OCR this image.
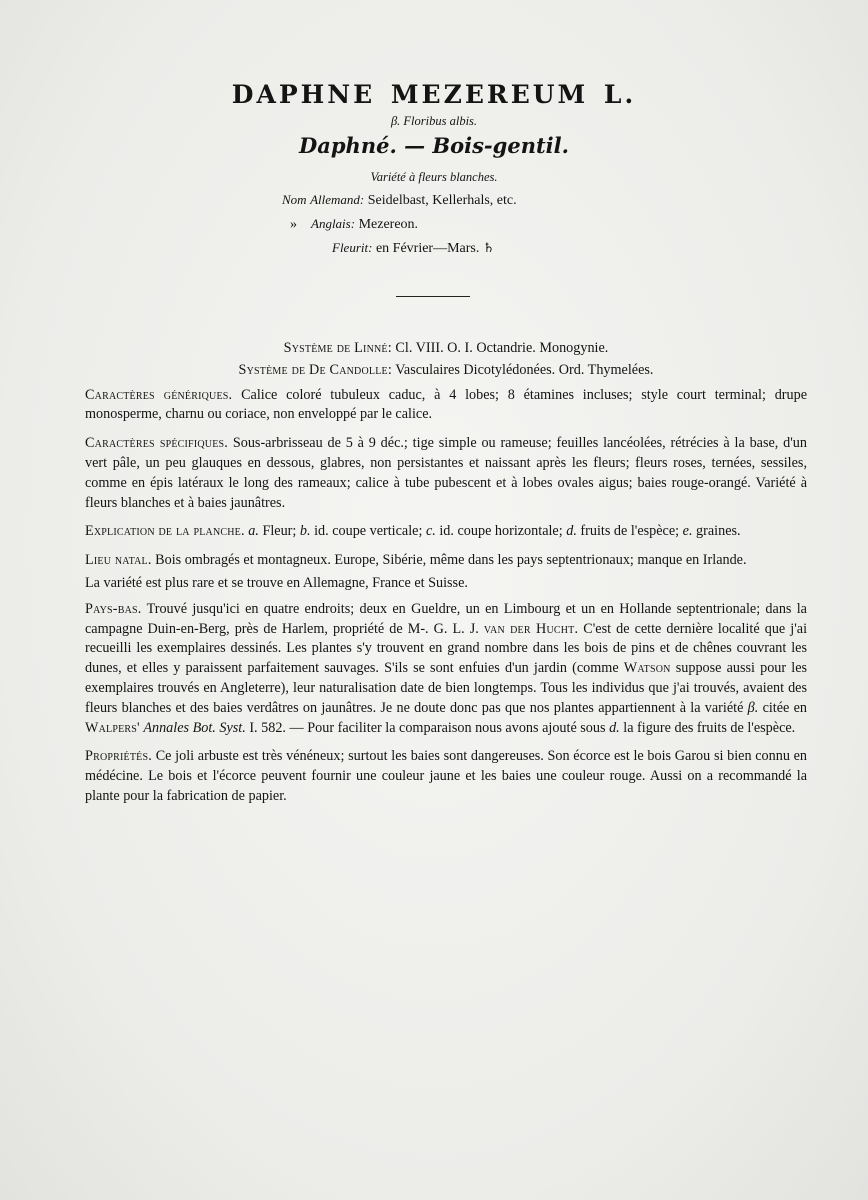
DAPHNE MEZEREUM L.
β. Floribus albis.
Daphné. — Bois-gentil.
Variété à fleurs blanches.
Nom Allemand: Seidelbast, Kellerhals, etc.
» Anglais: Mezereon.
Fleurit: en Février—Mars. ♄
Système de Linné: Cl. VIII. O. I. Octandrie. Monogynie.
Système de De Candolle: Vasculaires Dicotylédonées. Ord. Thymelées.
Caractères génériques. Calice coloré tubuleux caduc, à 4 lobes; 8 étamines incluses; style court terminal; drupe monosperme, charnu ou coriace, non enveloppé par le calice.
Caractères spécifiques. Sous-arbrisseau de 5 à 9 déc.; tige simple ou rameuse; feuilles lancéolées, rétrécies à la base, d'un vert pâle, un peu glauques en dessous, glabres, non persistantes et naissant après les fleurs; fleurs roses, ternées, sessiles, comme en épis latéraux le long des rameaux; calice à tube pubescent et à lobes ovales aigus; baies rouge-orangé. Variété à fleurs blanches et à baies jaunâtres.
Explication de la planche. a. Fleur; b. id. coupe verticale; c. id. coupe horizontale; d. fruits de l'espèce; e. graines.
Lieu natal. Bois ombragés et montagneux. Europe, Sibérie, même dans les pays septentrionaux; manque en Irlande.
La variété est plus rare et se trouve en Allemagne, France et Suisse.
Pays-bas. Trouvé jusqu'ici en quatre endroits; deux en Gueldre, un en Limbourg et un en Hollande septentrionale; dans la campagne Duin-en-Berg, près de Harlem, propriété de M-. G. L. J. van der Hucht. C'est de cette dernière localité que j'ai recueilli les exemplaires dessinés. Les plantes s'y trouvent en grand nombre dans les bois de pins et de chênes couvrant les dunes, et elles y paraissent parfaitement sauvages. S'ils se sont enfuies d'un jardin (comme Watson suppose aussi pour les exemplaires trouvés en Angleterre), leur naturalisation date de bien longtemps. Tous les individus que j'ai trouvés, avaient des fleurs blanches et des baies verdâtres on jaunâtres. Je ne doute donc pas que nos plantes appartiennent à la variété β. citée en Walpers' Annales Bot. Syst. I. 582. — Pour faciliter la comparaison nous avons ajouté sous d. la figure des fruits de l'espèce.
Propriétés. Ce joli arbuste est très vénéneux; surtout les baies sont dangereuses. Son écorce est le bois Garou si bien connu en médécine. Le bois et l'écorce peuvent fournir une couleur jaune et les baies une couleur rouge. Aussi on a recommandé la plante pour la fabrication de papier.
